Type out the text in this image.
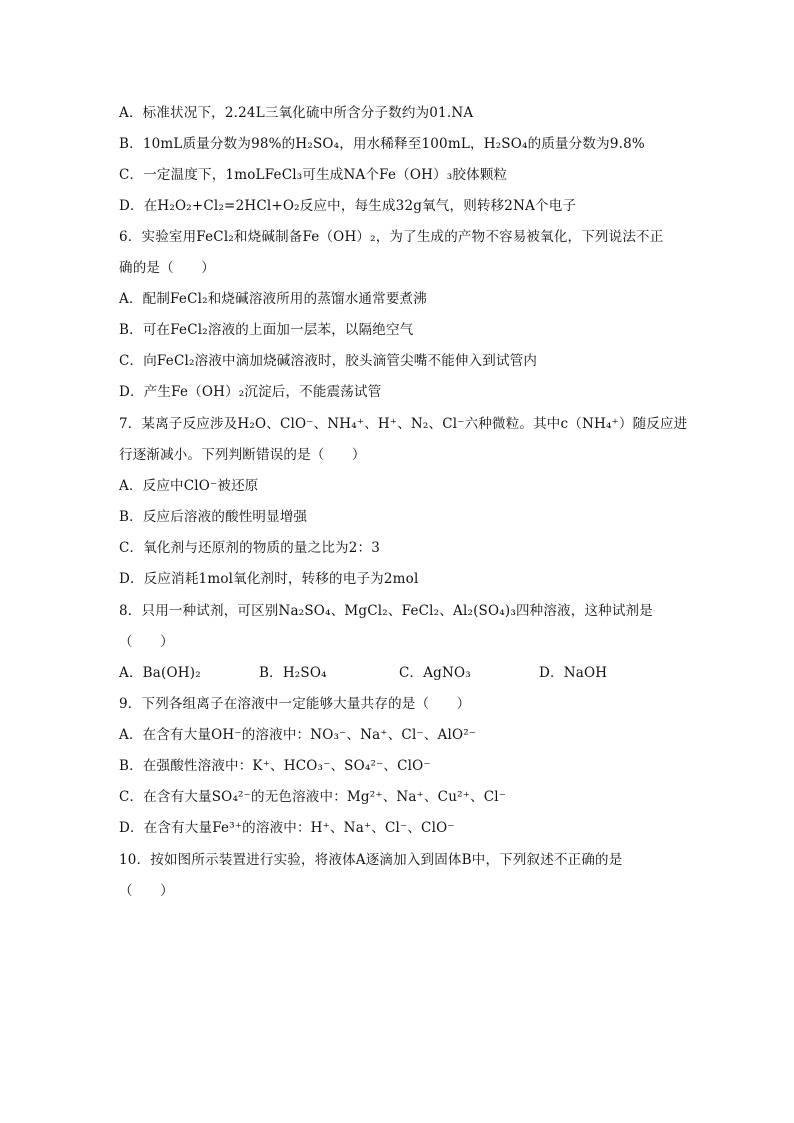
A．标准状况下，2.24L三氧化硫中所含分子数约为01.NA
B．10mL质量分数为98%的H₂SO₄，用水稀释至100mL，H₂SO₄的质量分数为9.8%
C．一定温度下，1moLFeCl₃可生成NA个Fe（OH）₃胶体颗粒
D．在H₂O₂+Cl₂=2HCl+O₂反应中，每生成32g氧气，则转移2NA个电子
6．实验室用FeCl₂和烧碱制备Fe（OH）₂，为了生成的产物不容易被氧化，下列说法不正
确的是（　　）
A．配制FeCl₂和烧碱溶液所用的蒸馏水通常要煮沸
B．可在FeCl₂溶液的上面加一层苯，以隔绝空气
C．向FeCl₂溶液中滴加烧碱溶液时，胶头滴管尖嘴不能伸入到试管内
D．产生Fe（OH）₂沉淀后，不能震荡试管
7．某离子反应涉及H₂O、ClO⁻、NH₄⁺、H⁺、N₂、Cl⁻六种微粒。其中c（NH₄⁺）随反应进
行逐渐减小。下列判断错误的是（　　）
A．反应中ClO⁻被还原
B．反应后溶液的酸性明显增强
C．氧化剂与还原剂的物质的量之比为2：3
D．反应消耗1mol氧化剂时，转移的电子为2mol
8．只用一种试剂，可区别Na₂SO₄、MgCl₂、FeCl₂、Al₂(SO₄)₃四种溶液，这种试剂是
（　　）
A．Ba(OH)₂	B．H₂SO₄	C．AgNO₃	D．NaOH
9．下列各组离子在溶液中一定能够大量共存的是（　　）
A．在含有大量OH⁻的溶液中：NO₃⁻、Na⁺、Cl⁻、AlO²⁻
B．在强酸性溶液中：K⁺、HCO₃⁻、SO₄²⁻、ClO⁻
C．在含有大量SO₄²⁻的无色溶液中：Mg²⁺、Na⁺、Cu²⁺、Cl⁻
D．在含有大量Fe³⁺的溶液中：H⁺、Na⁺、Cl⁻、ClO⁻
10．按如图所示装置进行实验，将液体A逐滴加入到固体B中，下列叙述不正确的是
（　　）
